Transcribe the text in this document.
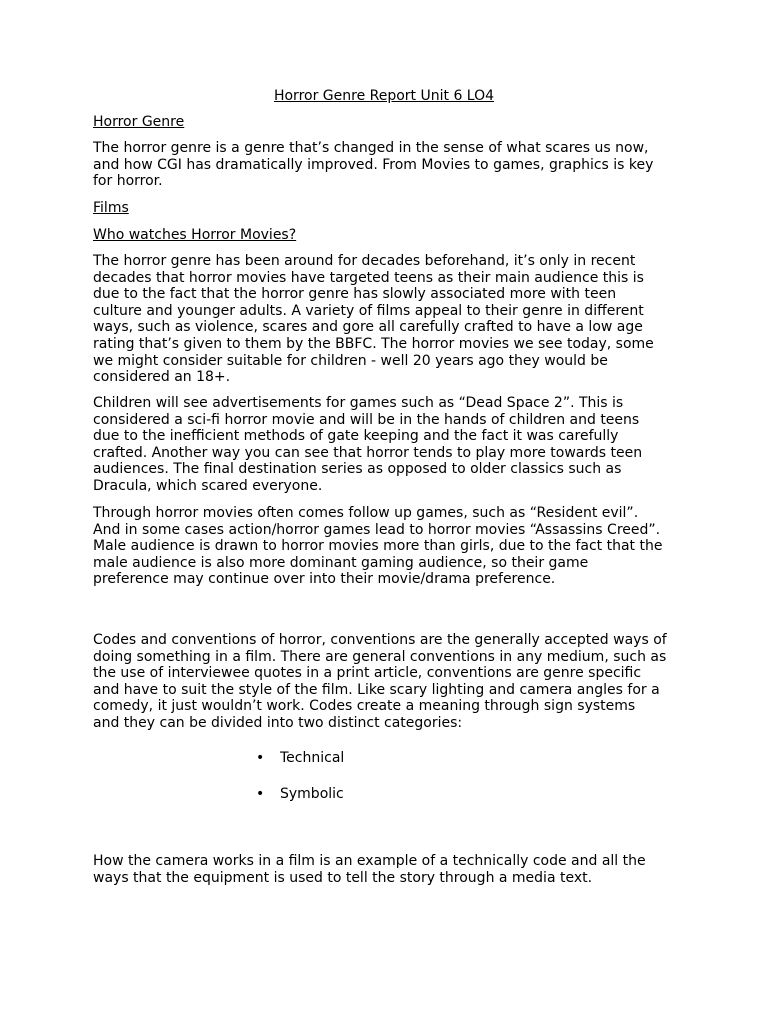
Horror Genre Report Unit 6 LO4

Horror Genre

The horror genre is a genre that’s changed in the sense of what scares us now,
and how CGI has dramatically improved. From Movies to games, graphics is key
for horror.

Films

Who watches Horror Movies?

The horror genre has been around for decades beforehand, it’s only in recent
decades that horror movies have targeted teens as their main audience this is
due to the fact that the horror genre has slowly associated more with teen
culture and younger adults. A variety of films appeal to their genre in different
ways, such as violence, scares and gore all carefully crafted to have a low age
rating that’s given to them by the BBFC. The horror movies we see today, some
we might consider suitable for children - well 20 years ago they would be
considered an 18+.
Children will see advertisements for games such as “Dead Space 2”. This is
considered a sci-fi horror movie and will be in the hands of children and teens
due to the inefficient methods of gate keeping and the fact it was carefully
crafted. Another way you can see that horror tends to play more towards teen
audiences. The final destination series as opposed to older classics such as
Dracula, which scared everyone.
Through horror movies often comes follow up games, such as “Resident evil”.
And in some cases action/horror games lead to horror movies “Assassins Creed”.
Male audience is drawn to horror movies more than girls, due to the fact that the
male audience is also more dominant gaming audience, so their game
preference may continue over into their movie/drama preference.
Codes and conventions of horror, conventions are the generally accepted ways of
doing something in a film. There are general conventions in any medium, such as
the use of interviewee quotes in a print article, conventions are genre specific
and have to suit the style of the film. Like scary lighting and camera angles for a
comedy, it just wouldn’t work. Codes create a meaning through sign systems
and they can be divided into two distinct categories:
• Technical
• Symbolic
How the camera works in a film is an example of a technically code and all the
ways that the equipment is used to tell the story through a media text.
